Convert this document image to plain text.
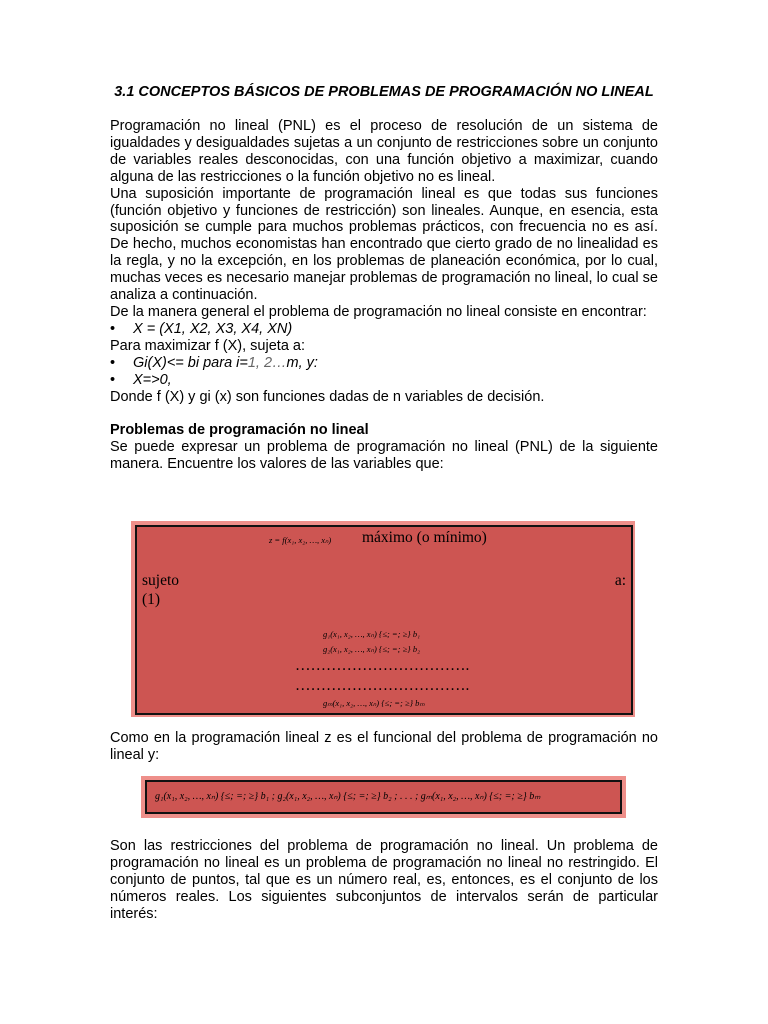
3.1 CONCEPTOS BÁSICOS DE PROBLEMAS DE PROGRAMACIÓN NO LINEAL

Programación no lineal (PNL) es el proceso de resolución de un sistema de igualdades y desigualdades sujetas a un conjunto de restricciones sobre un conjunto de variables reales desconocidas, con una función objetivo a maximizar, cuando alguna de las restricciones o la función objetivo no es lineal.

Una suposición importante de programación lineal es que todas sus funciones (función objetivo y funciones de restricción) son lineales. Aunque, en esencia, esta suposición se cumple para muchos problemas prácticos, con frecuencia no es así. De hecho, muchos economistas han encontrado que cierto grado de no linealidad es la regla, y no la excepción, en los problemas de planeación económica, por lo cual, muchas veces es necesario manejar problemas de programación no lineal, lo cual se analiza a continuación.

De la manera general el problema de programación no lineal consiste en encontrar:

•	X = (X1, X2, X3, X4, XN)

Para maximizar f (X), sujeta a:

•	Gi(X)<= bi para i=1, 2…m, y:
•	X=>0,

Donde f (X) y gi (x) son funciones dadas de n variables de decisión.

Problemas de programación no lineal

Se puede expresar un problema de programación no lineal (PNL) de la siguiente manera. Encuentre los valores de las variables que:

z = f(x₁, x₂, …, xₙ) máximo (o mínimo)
sujeto	a:
(1)
g₁(x₁, x₂, …, xₙ) {≤; =; ≥} b₁
g₂(x₁, x₂, …, xₙ) {≤; =; ≥} b₂
…………………………….
…………………………….
gₘ(x₁, x₂, …, xₙ) {≤; =; ≥} bₘ

Como en la programación lineal z es el funcional del problema de programación no lineal y:

g₁(x₁, x₂, …, xₙ) {≤; =; ≥} b₁ ; g₂(x₁, x₂, …, xₙ) {≤; =; ≥} b₂ ; . . . ; gₘ(x₁, x₂, …, xₙ) {≤; =; ≥} bₘ

Son las restricciones del problema de programación no lineal. Un problema de programación no lineal es un problema de programación no lineal no restringido. El conjunto de puntos, tal que es un número real, es, entonces, es el conjunto de los números reales. Los siguientes subconjuntos de intervalos serán de particular interés:
